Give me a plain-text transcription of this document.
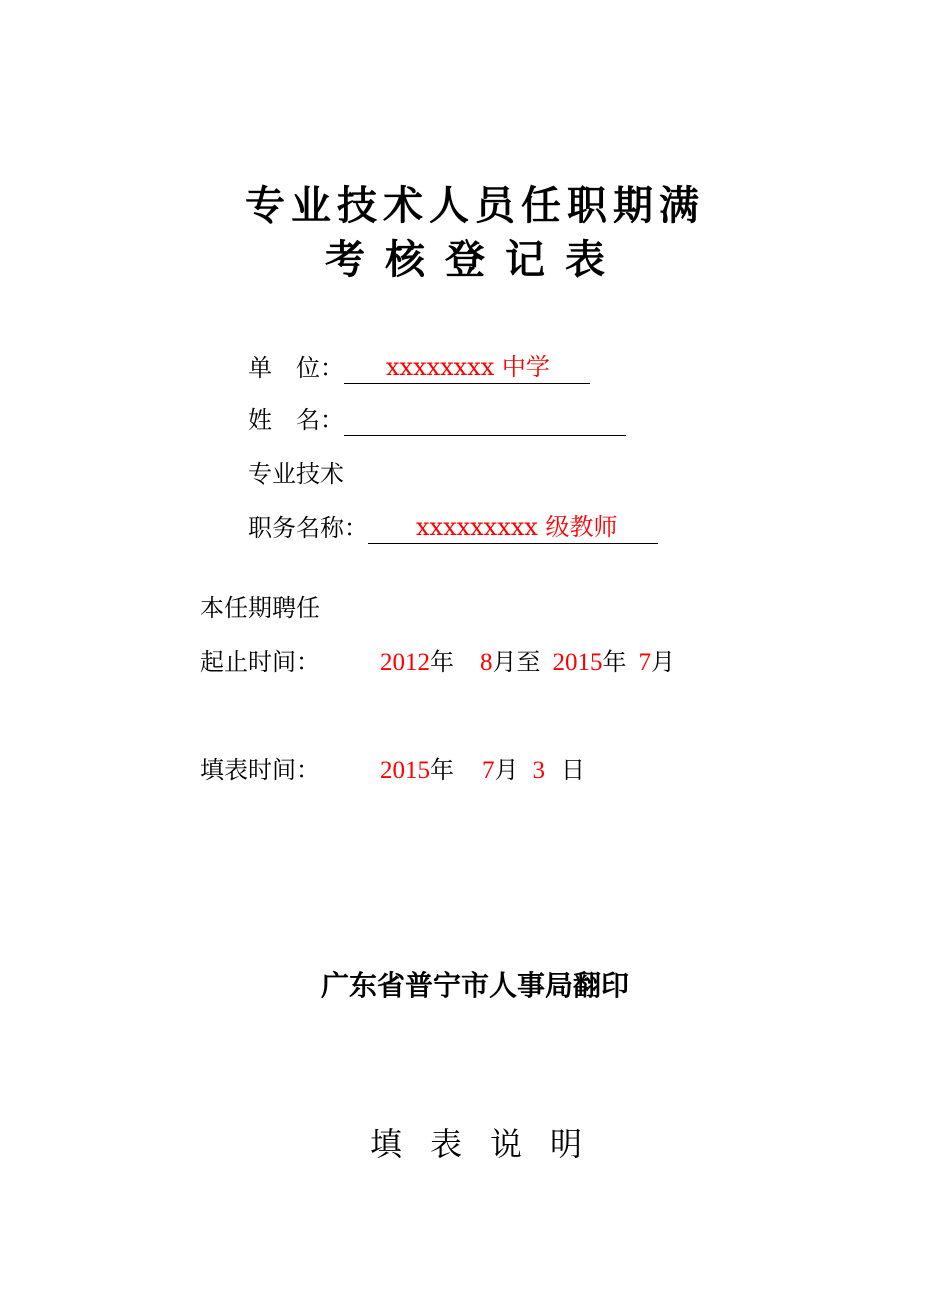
专业技术人员任职期满
考核登记表
单　位： xxxxxxxx 中学
姓　名：
专业技术
职务名称： xxxxxxxxx 级教师
本任期聘任
起止时间： 2012年 8月至 2015年 7月
填表时间： 2015年 7月 3 日
广东省普宁市人事局翻印
填表说明
